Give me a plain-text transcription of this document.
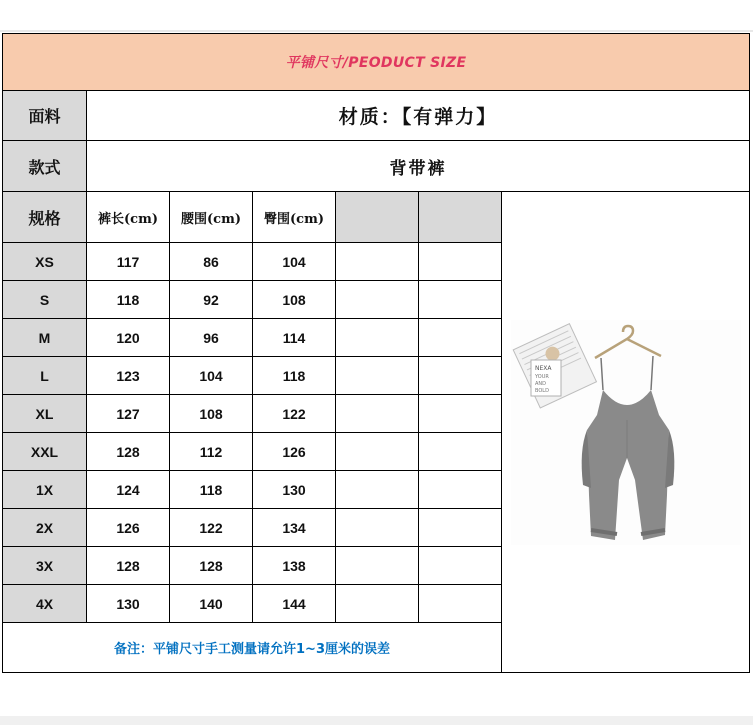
平铺尺寸/PEODUCT SIZE
面料	材质：【有弹力】
款式	背带裤
规格	裤长(cm)	腰围(cm)	臀围(cm)
NEXA
YOUR
AND
BOLD
XS	117	86	104
S	118	92	108
M	120	96	114
L	123	104	118
XL	127	108	122
XXL	128	112	126
1X	124	118	130
2X	126	122	134
3X	128	128	138
4X	130	140	144
备注：平铺尺寸手工测量请允许1~3厘米的误差
